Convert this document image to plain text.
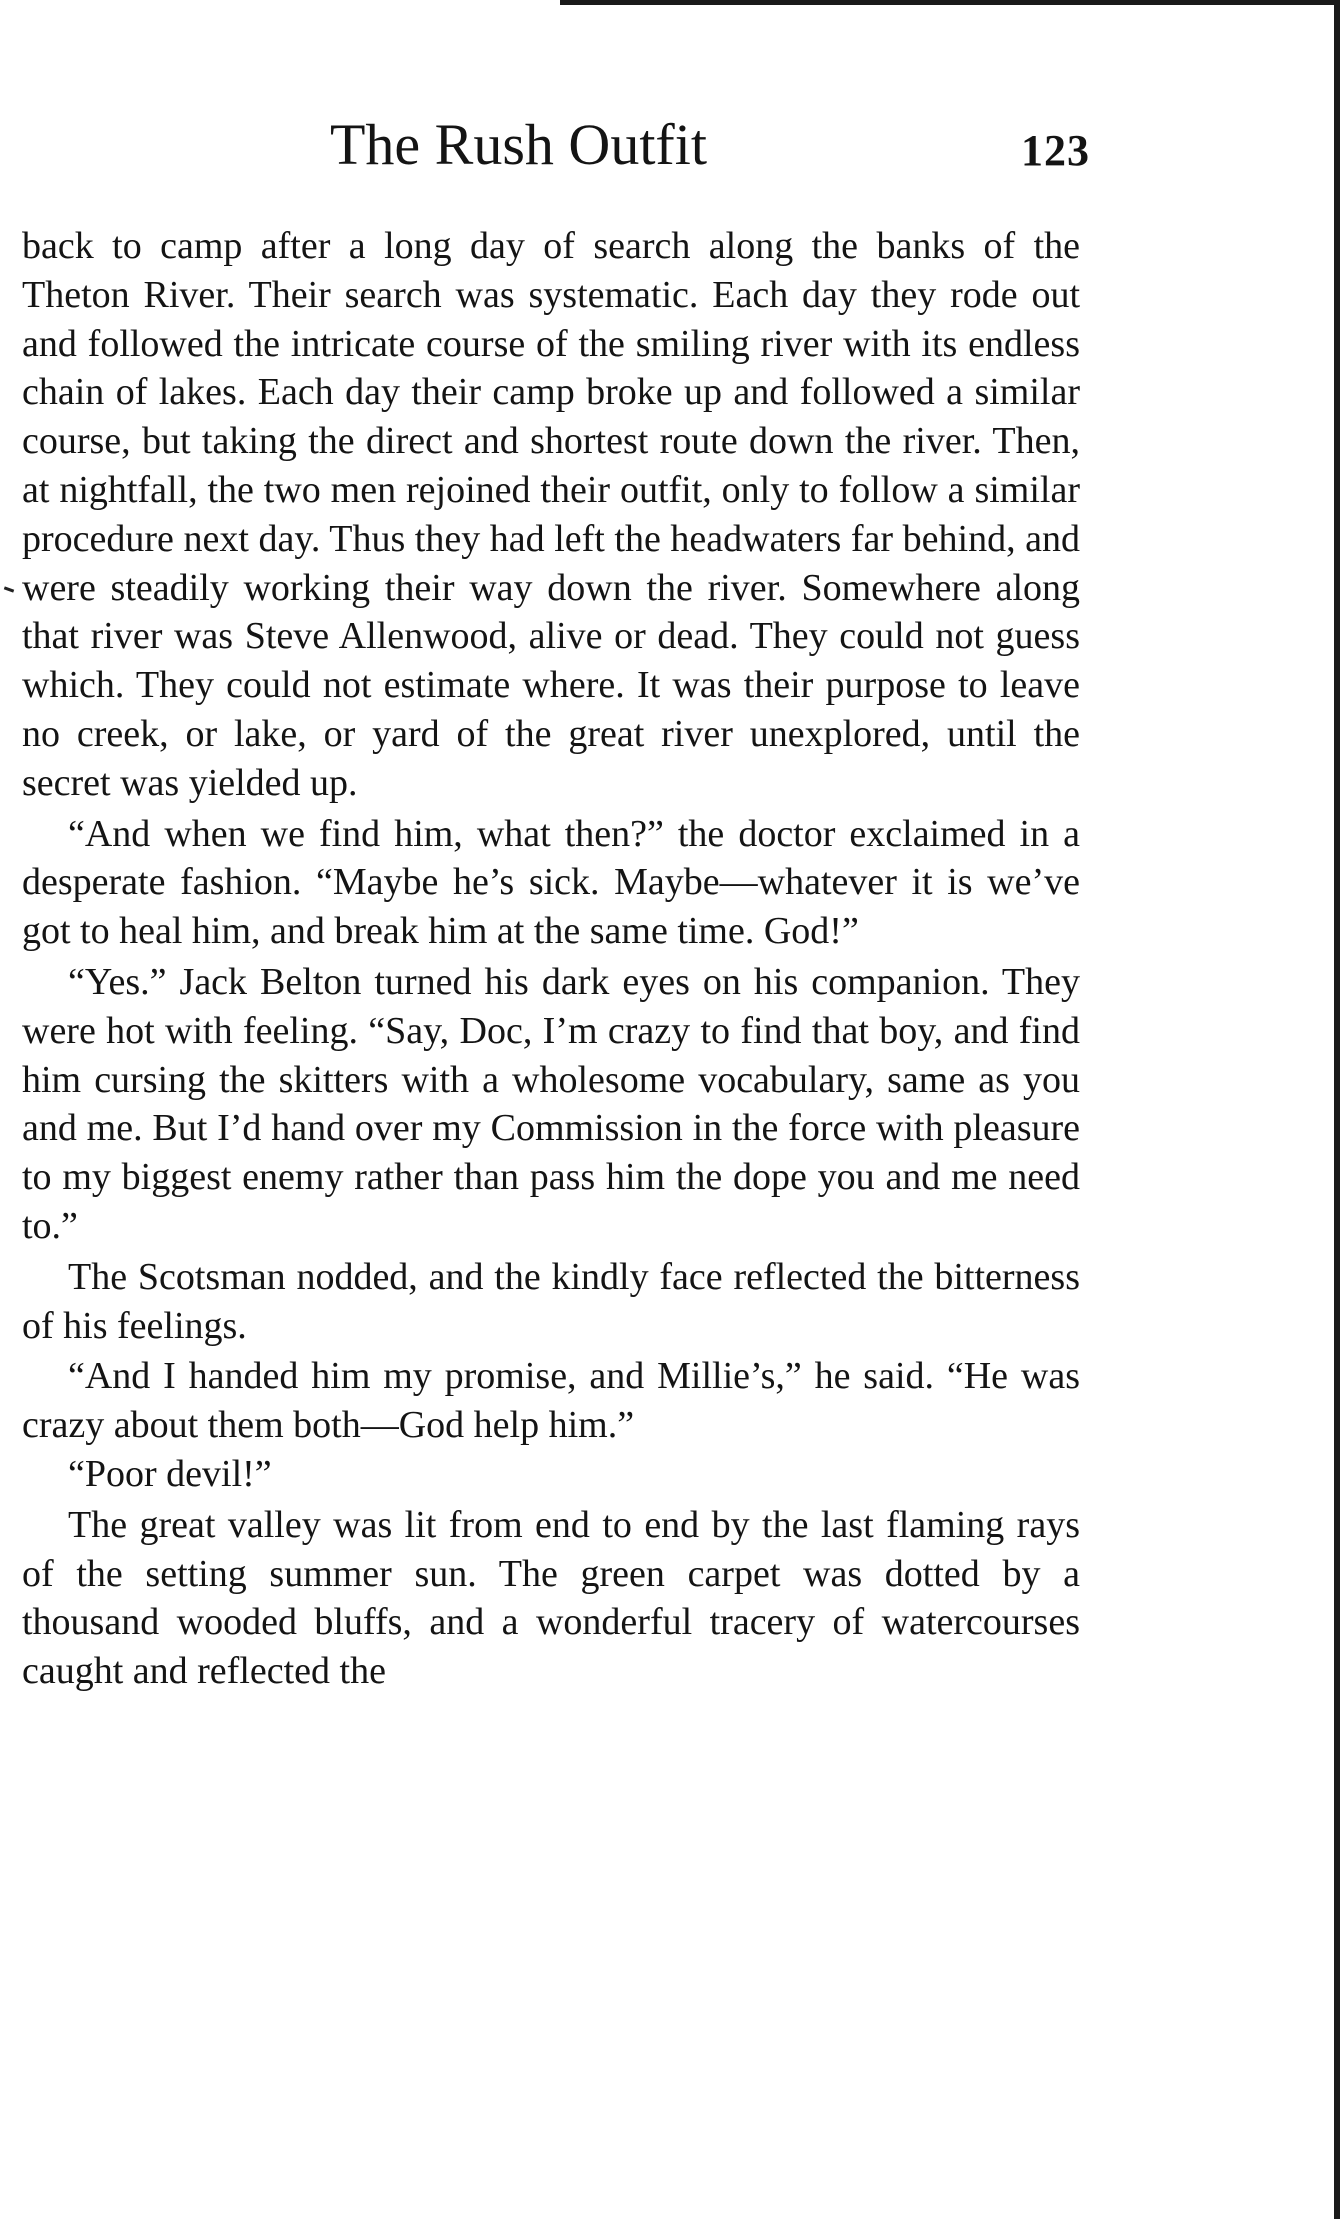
The Rush Outfit	123

back to camp after a long day of search along the banks of the Theton River. Their search was systematic. Each day they rode out and followed the intricate course of the smiling river with its endless chain of lakes. Each day their camp broke up and followed a similar course, but taking the direct and shortest route down the river. Then, at nightfall, the two men rejoined their outfit, only to follow a similar procedure next day. Thus they had left the headwaters far behind, and were steadily working their way down the river. Somewhere along that river was Steve Allenwood, alive or dead. They could not guess which. They could not estimate where. It was their purpose to leave no creek, or lake, or yard of the great river unexplored, until the secret was yielded up.

“And when we find him, what then?” the doctor exclaimed in a desperate fashion. “Maybe he’s sick. Maybe—whatever it is we’ve got to heal him, and break him at the same time. God!”

“Yes.” Jack Belton turned his dark eyes on his companion. They were hot with feeling. “Say, Doc, I’m crazy to find that boy, and find him cursing the skitters with a wholesome vocabulary, same as you and me. But I’d hand over my Commission in the force with pleasure to my biggest enemy rather than pass him the dope you and me need to.”

The Scotsman nodded, and the kindly face reflected the bitterness of his feelings.

“And I handed him my promise, and Millie’s,” he said. “He was crazy about them both—God help him.”

“Poor devil!”

The great valley was lit from end to end by the last flaming rays of the setting summer sun. The green carpet was dotted by a thousand wooded bluffs, and a wonderful tracery of watercourses caught and reflected the
